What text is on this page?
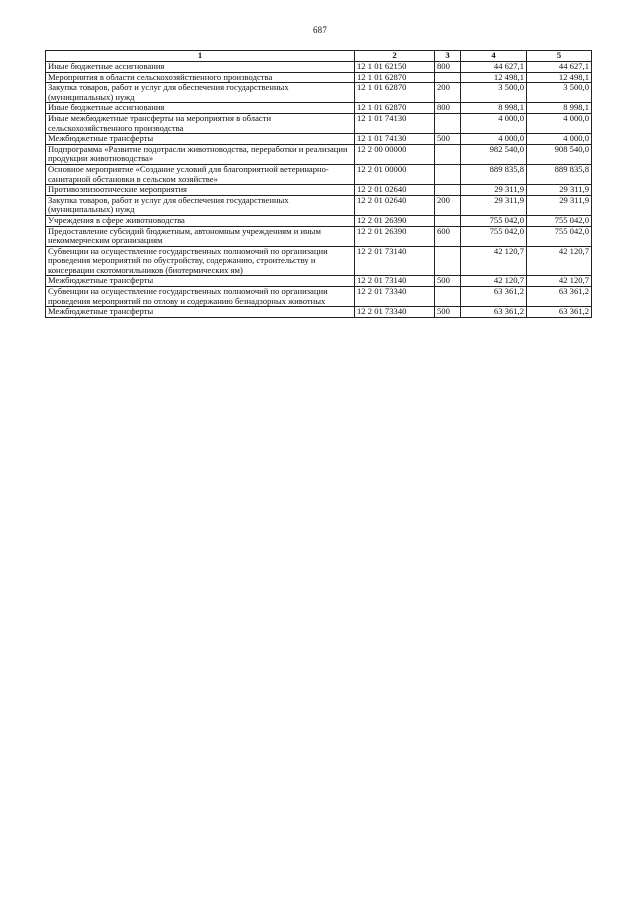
687
1	2	3	4	5
Иные бюджетные ассигнования	12 1 01 62150	800	44 627,1	44 627,1
Мероприятия в области сельскохозяйственного производства	12 1 01 62870		12 498,1	12 498,1
Закупка товаров, работ и услуг для обеспечения государственных (муниципальных) нужд	12 1 01 62870	200	3 500,0	3 500,0
Иные бюджетные ассигнования	12 1 01 62870	800	8 998,1	8 998,1
Иные межбюджетные трансферты на мероприятия в области сельскохозяйственного производства	12 1 01 74130		4 000,0	4 000,0
Межбюджетные трансферты	12 1 01 74130	500	4 000,0	4 000,0
Подпрограмма «Развитие подотрасли животноводства, переработки и реализации продукции животноводства»	12 2 00 00000		982 540,0	908 540,0
Основное мероприятие «Создание условий для благоприятной ветеринарно-санитарной обстановки в сельском хозяйстве»	12 2 01 00000		889 835,8	889 835,8
Противоэпизоотические мероприятия	12 2 01 02640		29 311,9	29 311,9
Закупка товаров, работ и услуг для обеспечения государственных (муниципальных) нужд	12 2 01 02640	200	29 311,9	29 311,9
Учреждения в сфере животноводства	12 2 01 26390		755 042,0	755 042,0
Предоставление субсидий бюджетным, автономным учреждениям и иным некоммерческим организациям	12 2 01 26390	600	755 042,0	755 042,0
Субвенции на осуществление государственных полномочий по организации проведения мероприятий по обустройству, содержанию, строительству и консервации скотомогильников (биотермических ям)	12 2 01 73140		42 120,7	42 120,7
Межбюджетные трансферты	12 2 01 73140	500	42 120,7	42 120,7
Субвенции на осуществление государственных полномочий по организации проведения мероприятий по отлову и содержанию безнадзорных животных	12 2 01 73340		63 361,2	63 361,2
Межбюджетные трансферты	12 2 01 73340	500	63 361,2	63 361,2
